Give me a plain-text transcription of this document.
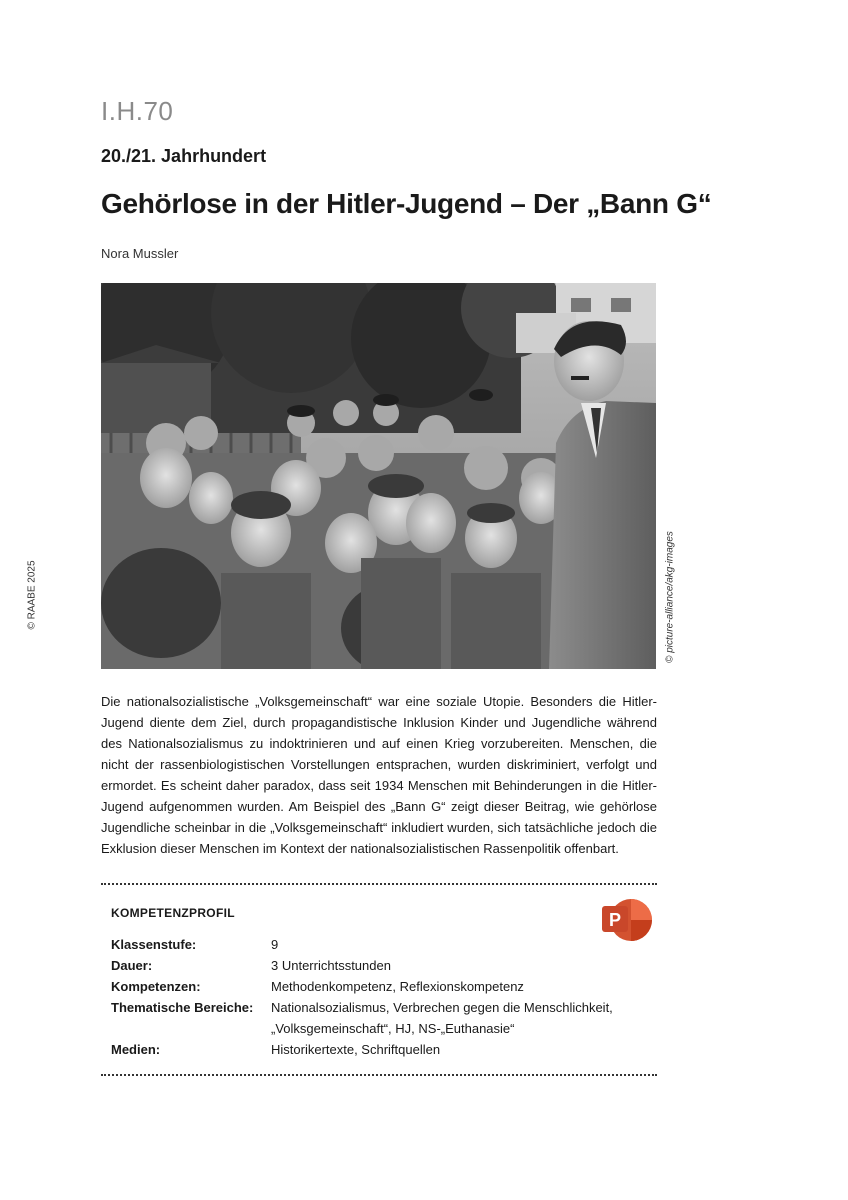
© RAABE 2025
I.H.70
20./21. Jahrhundert
Gehörlose in der Hitler-Jugend – Der „Bann G“
Nora Mussler
© picture-alliance/akg-images

Die nationalsozialistische „Volksgemeinschaft“ war eine soziale Utopie. Besonders die Hitler-Jugend diente dem Ziel, durch propagandistische Inklusion Kinder und Jugendliche während des Nationalsozialismus zu indoktrinieren und auf einen Krieg vorzubereiten. Menschen, die nicht der rassenbiologistischen Vorstellungen entsprachen, wurden diskriminiert, verfolgt und ermordet. Es scheint daher paradox, dass seit 1934 Menschen mit Behinderungen in die Hitler-Jugend aufgenommen wurden. Am Beispiel des „Bann G“ zeigt dieser Beitrag, wie gehörlose Jugendliche scheinbar in die „Volksgemeinschaft“ inkludiert wurden, sich tatsächliche jedoch die Exklusion dieser Menschen im Kontext der nationalsozialistischen Rassenpolitik offenbart.

KOMPETENZPROFIL	P
Klassenstufe:	9
Dauer:	3 Unterrichtsstunden
Kompetenzen:	Methodenkompetenz, Reflexionskompetenz
Thematische Bereiche:	Nationalsozialismus, Verbrechen gegen die Menschlichkeit, „Volksgemeinschaft“, HJ, NS-„Euthanasie“
Medien:	Historikertexte, Schriftquellen
